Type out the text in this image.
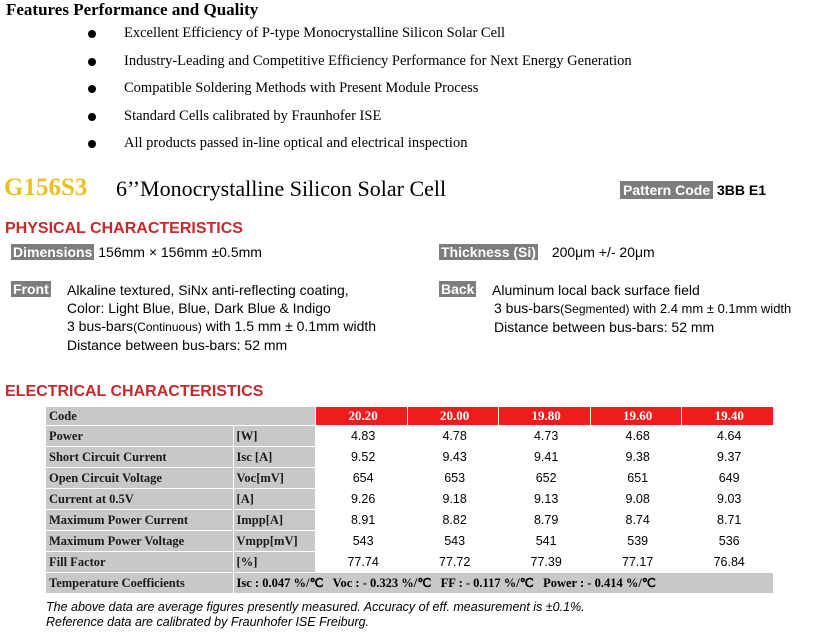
Features Performance and Quality
Excellent Efficiency of P-type Monocrystalline Silicon Solar Cell
Industry-Leading and Competitive Efficiency Performance for Next Energy Generation
Compatible Soldering Methods with Present Module Process
Standard Cells calibrated by Fraunhofer ISE
All products passed in-line optical and electrical inspection
G156S3 6’’Monocrystalline Silicon Solar Cell	Pattern Code 3BB E1
PHYSICAL CHARACTERISTICS
Dimensions 156mm × 156mm ±0.5mm	Thickness (Si) 200μm +/- 20μm
Front Alkaline textured, SiNx anti-reflecting coating,
Color: Light Blue, Blue, Dark Blue & Indigo
3 bus-bars(Continuous) with 1.5 mm ± 0.1mm width
Distance between bus-bars: 52 mm
Back Aluminum local back surface field
3 bus-bars(Segmented) with 2.4 mm ± 0.1mm width
Distance between bus-bars: 52 mm
ELECTRICAL CHARACTERISTICS
Code		20.20	20.00	19.80	19.60	19.40
Power	[W]	4.83	4.78	4.73	4.68	4.64
Short Circuit Current	Isc [A]	9.52	9.43	9.41	9.38	9.37
Open Circuit Voltage	Voc[mV]	654	653	652	651	649
Current at 0.5V	[A]	9.26	9.18	9.13	9.08	9.03
Maximum Power Current	Impp[A]	8.91	8.82	8.79	8.74	8.71
Maximum Power Voltage	Vmpp[mV]	543	543	541	539	536
Fill Factor	[%]	77.74	77.72	77.39	77.17	76.84
Temperature Coefficients	Isc : 0.047 %/℃   Voc : - 0.323 %/℃   FF : - 0.117 %/℃   Power : - 0.414 %/℃					
The above data are average figures presently measured. Accuracy of eff. measurement is ±0.1%.
Reference data are calibrated by Fraunhofer ISE Freiburg.
